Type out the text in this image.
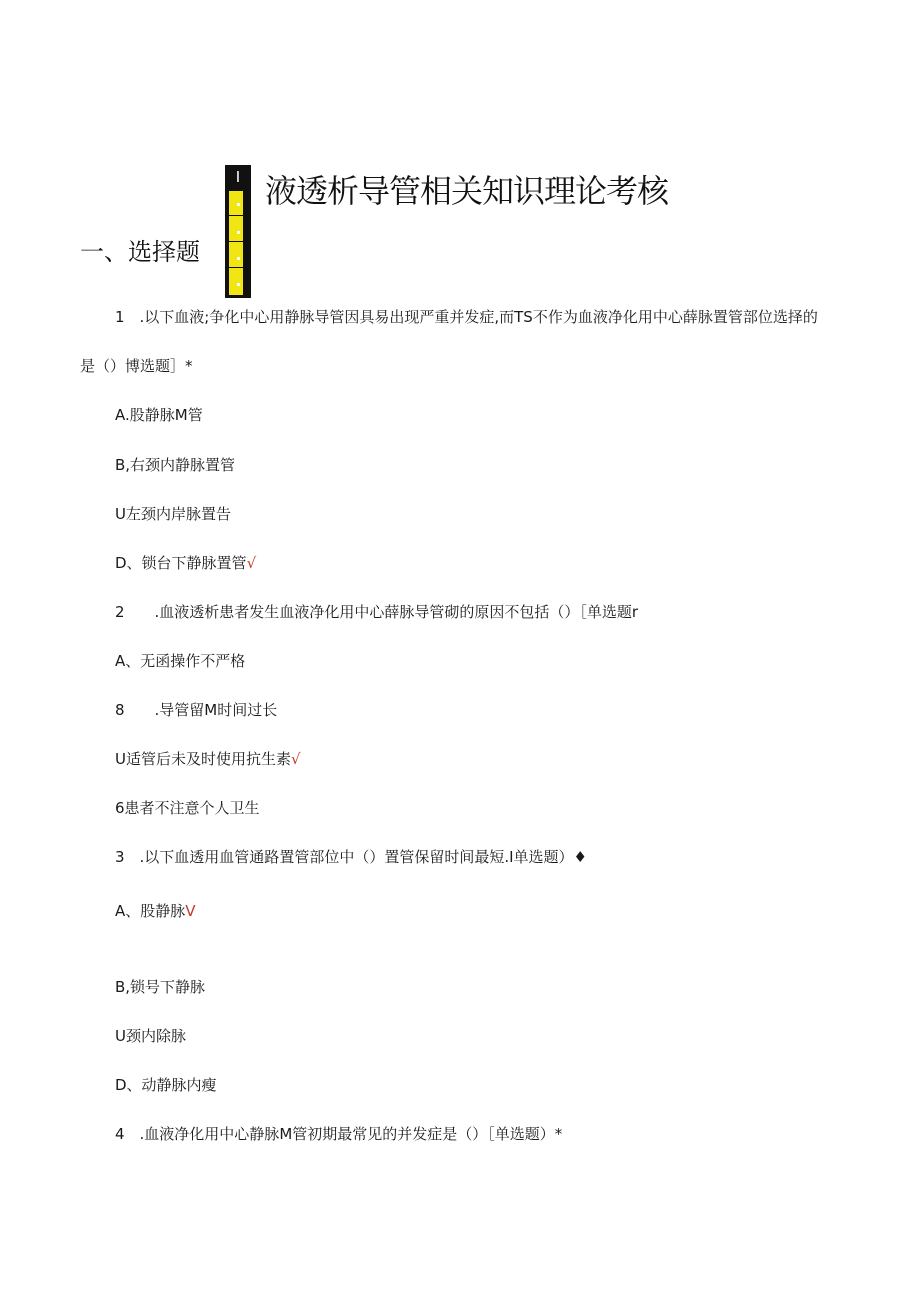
I 液透析导管相关知识理论考核
一、选择题
1　.以下血液;争化中心用静脉导管因具易出现严重并发症,而TS不作为血液净化用中心薛脉置管部位选择的
是（）博选题］*
A.股静脉M管
B,右颈内静脉置管
U左颈内岸脉置告
D、锁台下静脉置管√
2　　.血液透析患者发生血液净化用中心薛脉导管砌的原因不包括（）［单选题r
A、无函操作不严格
8　　.导管留M时间过长
U适管后未及时使用抗生素√
6患者不注意个人卫生
3　.以下血透用血管通路置管部位中（）置管保留时间最短.I单选题）♦
A、股静脉V
B,锁号下静脉
U颈内除脉
D、动静脉内瘦
4　.血液净化用中心静脉M管初期最常见的并发症是（）［单选题）*
